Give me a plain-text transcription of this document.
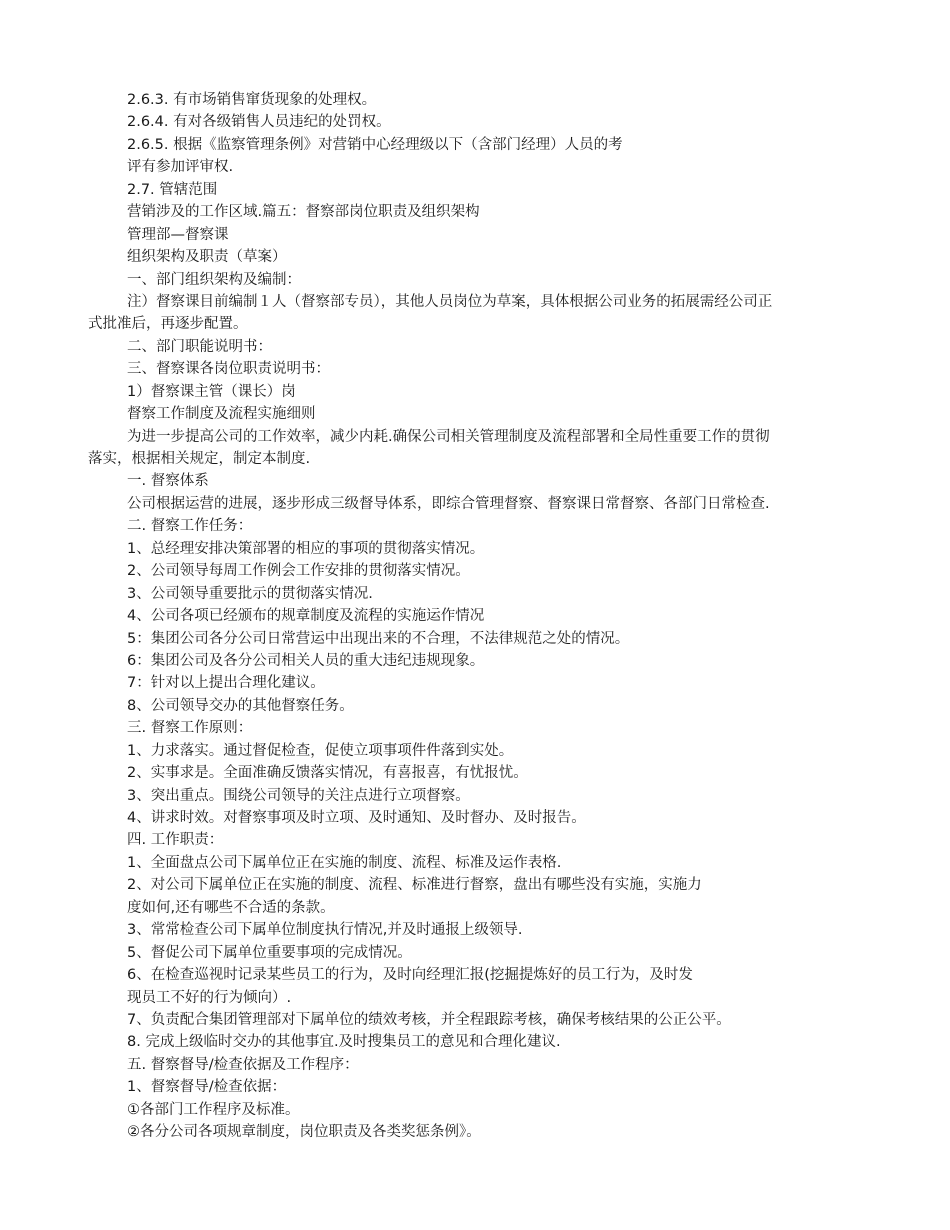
2.6.3. 有市场销售窜货现象的处理权。
2.6.4. 有对各级销售人员违纪的处罚权。
2.6.5. 根据《监察管理条例》对营销中心经理级以下（含部门经理）人员的考
评有参加评审权.
2.7. 管辖范围
营销涉及的工作区域.篇五：督察部岗位职责及组织架构
管理部—督察课
组织架构及职责（草案）
一、部门组织架构及编制：
注）督察课目前编制１人（督察部专员），其他人员岗位为草案，具体根据公司业务的拓展需经公司正
式批准后，再逐步配置。
二、部门职能说明书：
三、督察课各岗位职责说明书：
1）督察课主管（课长）岗
督察工作制度及流程实施细则
为进一步提高公司的工作效率，减少内耗.确保公司相关管理制度及流程部署和全局性重要工作的贯彻
落实，根据相关规定，制定本制度.
一. 督察体系
公司根据运营的进展，逐步形成三级督导体系，即综合管理督察、督察课日常督察、各部门日常检查.
二. 督察工作任务：
1、总经理安排决策部署的相应的事项的贯彻落实情况。
2、公司领导每周工作例会工作安排的贯彻落实情况。
3、公司领导重要批示的贯彻落实情况.
4、公司各项已经颁布的规章制度及流程的实施运作情况
5：集团公司各分公司日常营运中出现出来的不合理，不法律规范之处的情况。
6：集团公司及各分公司相关人员的重大违纪违规现象。
7：针对以上提出合理化建议。
8、公司领导交办的其他督察任务。
三. 督察工作原则：
1、力求落实。通过督促检查，促使立项事项件件落到实处。
2、实事求是。全面准确反馈落实情况，有喜报喜，有忧报忧。
3、突出重点。围绕公司领导的关注点进行立项督察。
4、讲求时效。对督察事项及时立项、及时通知、及时督办、及时报告。
四. 工作职责：
1、全面盘点公司下属单位正在实施的制度、流程、标准及运作表格.
2、对公司下属单位正在实施的制度、流程、标准进行督察，盘出有哪些没有实施，实施力
度如何,还有哪些不合适的条款。
3、常常检查公司下属单位制度执行情况,并及时通报上级领导.
5、督促公司下属单位重要事项的完成情况。
6、在检查巡视时记录某些员工的行为，及时向经理汇报(挖掘提炼好的员工行为，及时发
现员工不好的行为倾向）.
7、负责配合集团管理部对下属单位的绩效考核，并全程跟踪考核，确保考核结果的公正公平。
8. 完成上级临时交办的其他事宜.及时搜集员工的意见和合理化建议.
五. 督察督导/检查依据及工作程序：
1、督察督导/检查依据：
①各部门工作程序及标准。
②各分公司各项规章制度，岗位职责及各类奖惩条例》。
